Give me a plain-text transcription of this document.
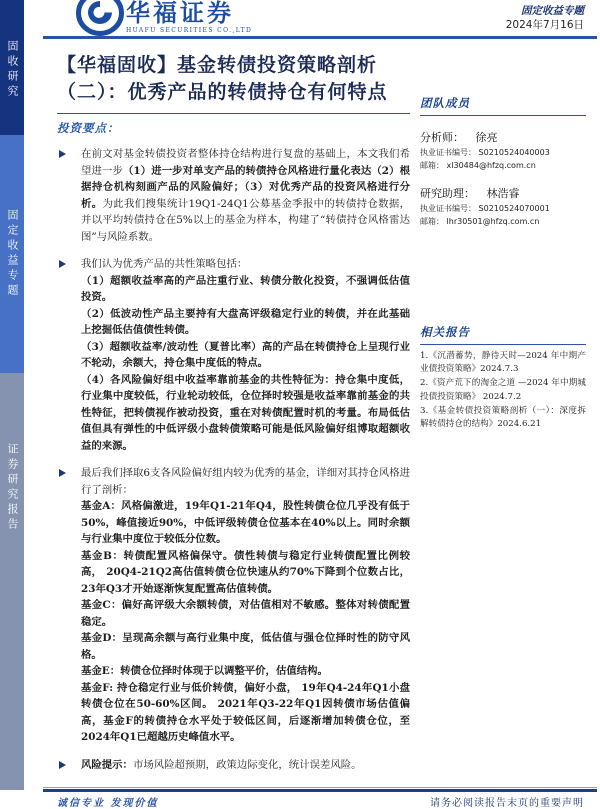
固收研究
固定收益专题
证券研究报告
华福证券
HUAFU SECURITIES CO.,LTD
固定收益专题
2024年7月16日
【华福固收】基金转债投资策略剖析
（二）：优秀产品的转债持仓有何特点
投资要点：

在前文对基金转债投资者整体持仓结构进行复盘的基础上，本文我们希望进一步（1）进一步对单支产品的转债持仓风格进行量化表达（2）根据持仓机构刻画产品的风险偏好；（3）对优秀产品的投资风格进行分析。为此我们搜集统计19Q1-24Q1公募基金季报中的转债持仓数据，并以平均转债持仓在5%以上的基金为样本，构建了“转债持仓风格雷达图”与风险系数。

我们认为优秀产品的共性策略包括：

（1）超额收益率高的产品注重行业、转债分散化投资，不强调低估值投资。

（2）低波动性产品主要持有大盘高评级稳定行业的转债，并在此基础上挖掘低估值债性转债。

（3）超额收益率/波动性（夏普比率）高的产品在转债持仓上呈现行业不轮动，余额大，持仓集中度低的特点。

（4）各风险偏好组中收益率靠前基金的共性特征为：持仓集中度低，行业集中度较低，行业轮动较低，仓位择时较强是收益率靠前基金的共性特征，把转债视作被动投资，重在对转债配置时机的考量。布局低估值但具有弹性的中低评级小盘转债策略可能是低风险偏好组博取超额收益的来源。

最后我们择取6支各风险偏好组内较为优秀的基金，详细对其持仓风格进行了剖析：

基金A：风格偏激进，19年Q1-21年Q4，股性转债仓位几乎没有低于50%，峰值接近90%，中低评级转债仓位基本在40%以上。同时余额与行业集中度位于较低分位数。

基金B：转债配置风格偏保守。债性转债与稳定行业转债配置比例较高， 20Q4-21Q2高估值转债仓位快速从约70%下降到个位数占比，23年Q3才开始逐渐恢复配置高估值转债。

基金C：偏好高评级大余额转债，对估值相对不敏感。整体对转债配置稳定。

基金D：呈现高余额与高行业集中度，低估值与强仓位择时性的防守风格。

基金E：转债仓位择时体现于以调整平价，估值结构。

基金F: 持仓稳定行业与低价转债，偏好小盘， 19年Q4-24年Q1小盘转债仓位在50-60%区间。 2021年Q3-22年Q1因转债市场估值偏高，基金F的转债持仓水平处于较低区间，后逐渐增加转债仓位，至2024年Q1已超越历史峰值水平。

风险提示：市场风险超预期，政策边际变化，统计误差风险。

团队成员
分析师： 徐亮
执业证书编号： S0210524040003
邮箱： xl30484@hfzq.com.cn
研究助理： 林浩睿
执业证书编号： S0210524070001
邮箱： lhr30501@hfzq.com.cn
相关报告
1.《沉潜蓄势，静待天时—2024 年中期产业债投资策略》2024.7.3
2.《资产荒下的淘金之道 —2024 年中期城投债投资策略》 2024.7.2
3.《基金转债投资策略剖析（一）：深度拆解转债持仓的结构》2024.6.21
诚信专业 发现价值	请务必阅读报告末页的重要声明
